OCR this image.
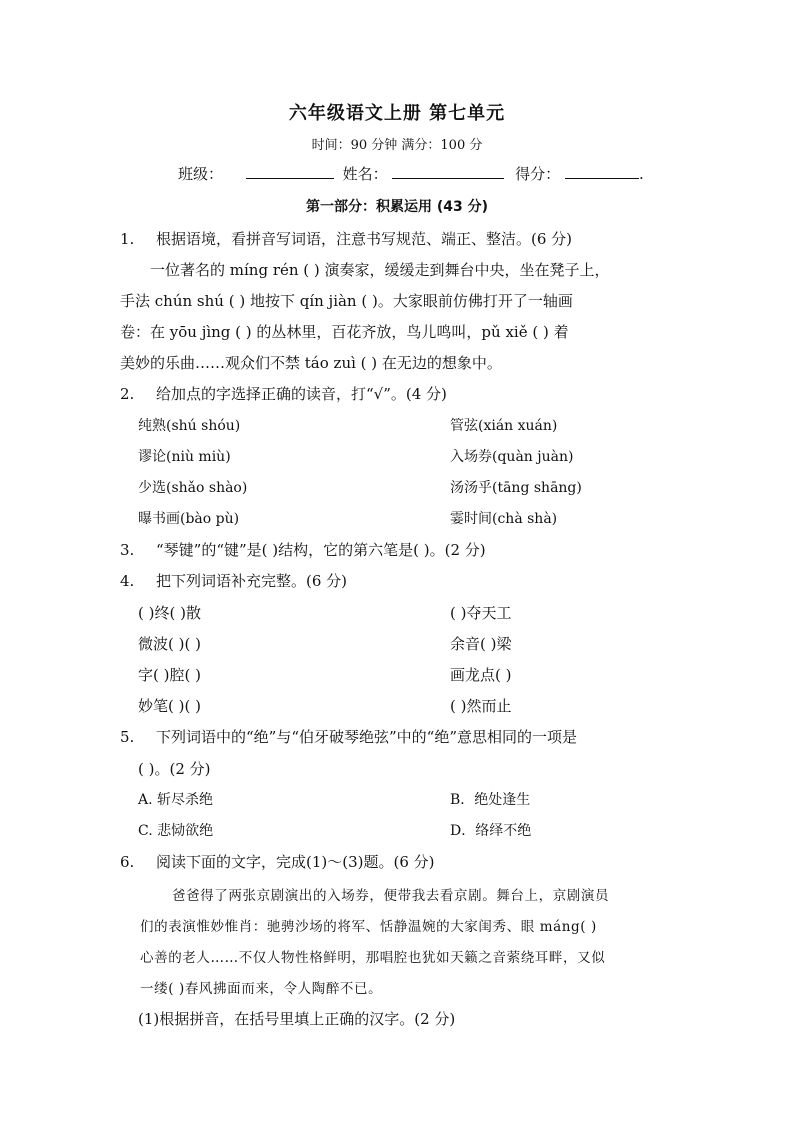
六年级语文上册 第七单元
时间：90 分钟 满分：100 分
班级：	姓名：	得分：	.
第一部分：积累运用 (43 分)
1. 根据语境，看拼音写词语，注意书写规范、端正、整洁。(6 分)
一位著名的 míng rén ( ) 演奏家，缓缓走到舞台中央，坐在凳子上，
手法 chún shú ( ) 地按下 qín jiàn ( )。大家眼前仿佛打开了一轴画
卷：在 yōu jìng ( ) 的丛林里，百花齐放，鸟儿鸣叫，pǔ xiě ( ) 着
美妙的乐曲……观众们不禁 táo zuì ( ) 在无边的想象中。
2. 给加点的字选择正确的读音，打“√”。(4 分)
纯熟(shú shóu)	管弦(xián xuán)
谬论(niù miù)	入场券(quàn juàn)
少选(shǎo shào)	汤汤乎(tāng shāng)
曝书画(bào pù)	霎时间(chà shà)
3. “琴键”的“键”是( )结构，它的第六笔是( )。(2 分)
4. 把下列词语补充完整。(6 分)
( )终( )散	( )夺天工
微波( )( )	余音( )梁
字( )腔( )	画龙点( )
妙笔( )( )	( )然而止
5. 下列词语中的“绝”与“伯牙破琴绝弦”中的“绝”意思相同的一项是
( )。(2 分)
A. 斩尽杀绝	B．绝处逢生
C. 悲恸欲绝	D．络绎不绝
6. 阅读下面的文字，完成(1)～(3)题。(6 分)
爸爸得了两张京剧演出的入场券，便带我去看京剧。舞台上，京剧演员
们的表演惟妙惟肖：驰骋沙场的将军、恬静温婉的大家闺秀、眼 máng( )
心善的老人……不仅人物性格鲜明，那唱腔也犹如天籁之音萦绕耳畔，又似
一缕( )春风拂面而来，令人陶醉不已。
(1)根据拼音，在括号里填上正确的汉字。(2 分)
